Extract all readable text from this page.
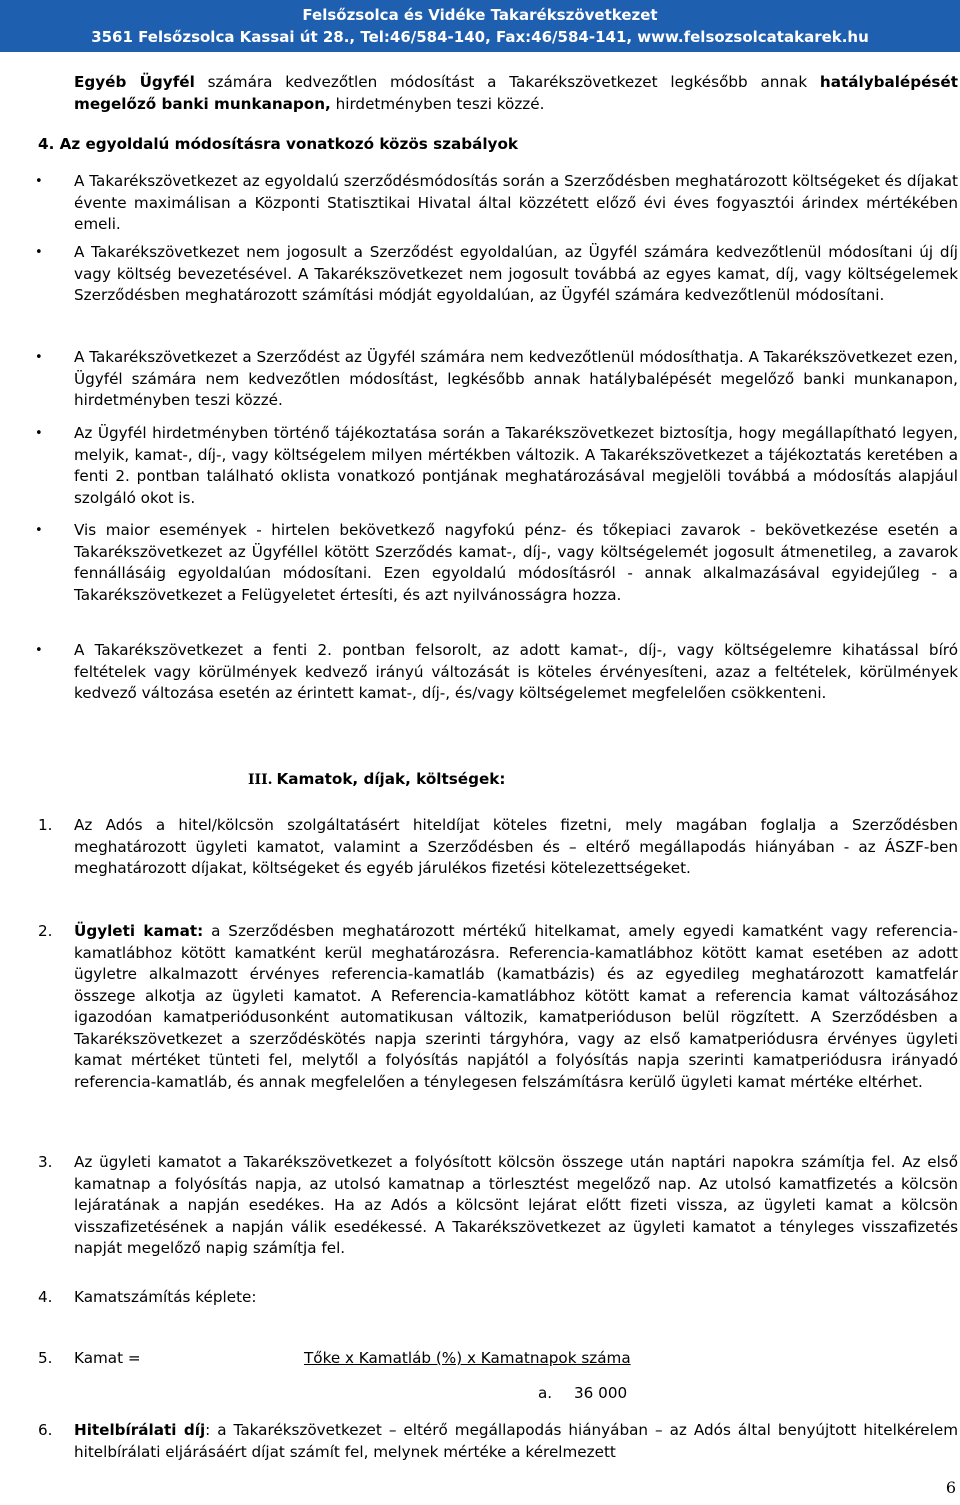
Felsőzsolca és Vidéke Takarékszövetkezet
3561 Felsőzsolca Kassai út 28., Tel:46/584-140, Fax:46/584-141, www.felsozsolcatakarek.hu
Egyéb Ügyfél számára kedvezőtlen módosítást a Takarékszövetkezet legkésőbb annak hatálybalépését megelőző banki munkanapon, hirdetményben teszi közzé.
4. Az egyoldalú módosításra vonatkozó közös szabályok
• A Takarékszövetkezet az egyoldalú szerződésmódosítás során a Szerződésben meghatározott költségeket és díjakat évente maximálisan a Központi Statisztikai Hivatal által közzétett előző évi éves fogyasztói árindex mértékében emeli.
• A Takarékszövetkezet nem jogosult a Szerződést egyoldalúan, az Ügyfél számára kedvezőtlenül módosítani új díj vagy költség bevezetésével. A Takarékszövetkezet nem jogosult továbbá az egyes kamat, díj, vagy költségelemek Szerződésben meghatározott számítási módját egyoldalúan, az Ügyfél számára kedvezőtlenül módosítani.
• A Takarékszövetkezet a Szerződést az Ügyfél számára nem kedvezőtlenül módosíthatja. A Takarékszövetkezet ezen, Ügyfél számára nem kedvezőtlen módosítást, legkésőbb annak hatálybalépését megelőző banki munkanapon, hirdetményben teszi közzé.
• Az Ügyfél hirdetményben történő tájékoztatása során a Takarékszövetkezet biztosítja, hogy megállapítható legyen, melyik, kamat-, díj-, vagy költségelem milyen mértékben változik. A Takarékszövetkezet a tájékoztatás keretében a fenti 2. pontban található oklista vonatkozó pontjának meghatározásával megjelöli továbbá a módosítás alapjául szolgáló okot is.
• Vis maior események - hirtelen bekövetkező nagyfokú pénz- és tőkepiaci zavarok - bekövetkezése esetén a Takarékszövetkezet az Ügyféllel kötött Szerződés kamat-, díj-, vagy költségelemét jogosult átmenetileg, a zavarok fennállásáig egyoldalúan módosítani. Ezen egyoldalú módosításról - annak alkalmazásával egyidejűleg - a Takarékszövetkezet a Felügyeletet értesíti, és azt nyilvánosságra hozza.
• A Takarékszövetkezet a fenti 2. pontban felsorolt, az adott kamat-, díj-, vagy költségelemre kihatással bíró feltételek vagy körülmények kedvező irányú változását is köteles érvényesíteni, azaz a feltételek, körülmények kedvező változása esetén az érintett kamat-, díj-, és/vagy költségelemet megfelelően csökkenteni.
III. Kamatok, díjak, költségek:
1. Az Adós a hitel/kölcsön szolgáltatásért hiteldíjat köteles fizetni, mely magában foglalja a Szerződésben meghatározott ügyleti kamatot, valamint a Szerződésben és – eltérő megállapodás hiányában - az ÁSZF-ben meghatározott díjakat, költségeket és egyéb járulékos fizetési kötelezettségeket.
2. Ügyleti kamat: a Szerződésben meghatározott mértékű hitelkamat, amely egyedi kamatként vagy referencia-kamatlábhoz kötött kamatként kerül meghatározásra. Referencia-kamatlábhoz kötött kamat esetében az adott ügyletre alkalmazott érvényes referencia-kamatláb (kamatbázis) és az egyedileg meghatározott kamatfelár összege alkotja az ügyleti kamatot. A Referencia-kamatlábhoz kötött kamat a referencia kamat változásához igazodóan kamatperiódusonként automatikusan változik, kamatperióduson belül rögzített. A Szerződésben a Takarékszövetkezet a szerződéskötés napja szerinti tárgyhóra, vagy az első kamatperiódusra érvényes ügyleti kamat mértéket tünteti fel, melytől a folyósítás napjától a folyósítás napja szerinti kamatperiódusra irányadó referencia-kamatláb, és annak megfelelően a ténylegesen felszámításra kerülő ügyleti kamat mértéke eltérhet.
3. Az ügyleti kamatot a Takarékszövetkezet a folyósított kölcsön összege után naptári napokra számítja fel. Az első kamatnap a folyósítás napja, az utolsó kamatnap a törlesztést megelőző nap. Az utolsó kamatfizetés a kölcsön lejáratának a napján esedékes. Ha az Adós a kölcsönt lejárat előtt fizeti vissza, az ügyleti kamat a kölcsön visszafizetésének a napján válik esedékessé. A Takarékszövetkezet az ügyleti kamatot a tényleges visszafizetés napját megelőző napig számítja fel.
4. Kamatszámítás képlete:
5. Kamat =	Tőke x Kamatláb (%) x Kamatnapok száma
a. 36 000
6. Hitelbírálati díj: a Takarékszövetkezet – eltérő megállapodás hiányában – az Adós által benyújtott hitelkérelem hitelbírálati eljárásáért díjat számít fel, melynek mértéke a kérelmezett
6
